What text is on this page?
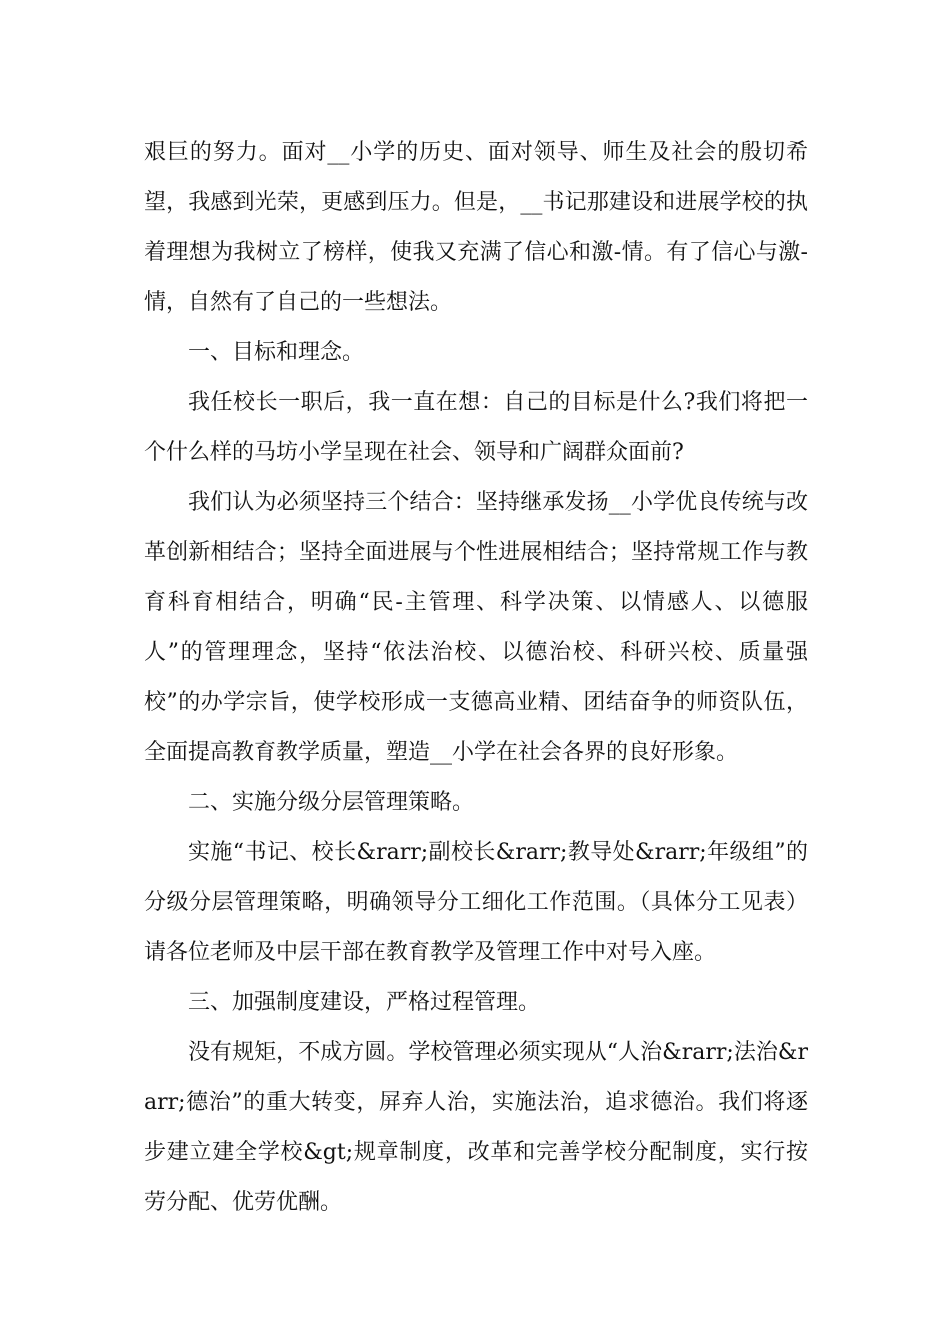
艰巨的努力。面对__小学的历史、面对领导、师生及社会的殷切希望，我感到光荣，更感到压力。但是，__书记那建设和进展学校的执着理想为我树立了榜样，使我又充满了信心和激-情。有了信心与激-情，自然有了自己的一些想法。

一、目标和理念。

我任校长一职后，我一直在想：自己的目标是什么?我们将把一个什么样的马坊小学呈现在社会、领导和广阔群众面前?

我们认为必须坚持三个结合：坚持继承发扬__小学优良传统与改革创新相结合；坚持全面进展与个性进展相结合；坚持常规工作与教育科育相结合，明确“民-主管理、科学决策、以情感人、以德服人”的管理理念，坚持“依法治校、以德治校、科研兴校、质量强校”的办学宗旨，使学校形成一支德高业精、团结奋争的师资队伍，全面提高教育教学质量，塑造__小学在社会各界的良好形象。

二、实施分级分层管理策略。

实施“书记、校长&rarr;副校长&rarr;教导处&rarr;年级组”的分级分层管理策略，明确领导分工细化工作范围。（具体分工见表）请各位老师及中层干部在教育教学及管理工作中对号入座。

三、加强制度建设，严格过程管理。

没有规矩，不成方圆。学校管理必须实现从“人治&rarr;法治&rarr;德治”的重大转变，屏弃人治，实施法治，追求德治。我们将逐步建立建全学校&gt;规章制度，改革和完善学校分配制度，实行按劳分配、优劳优酬。
